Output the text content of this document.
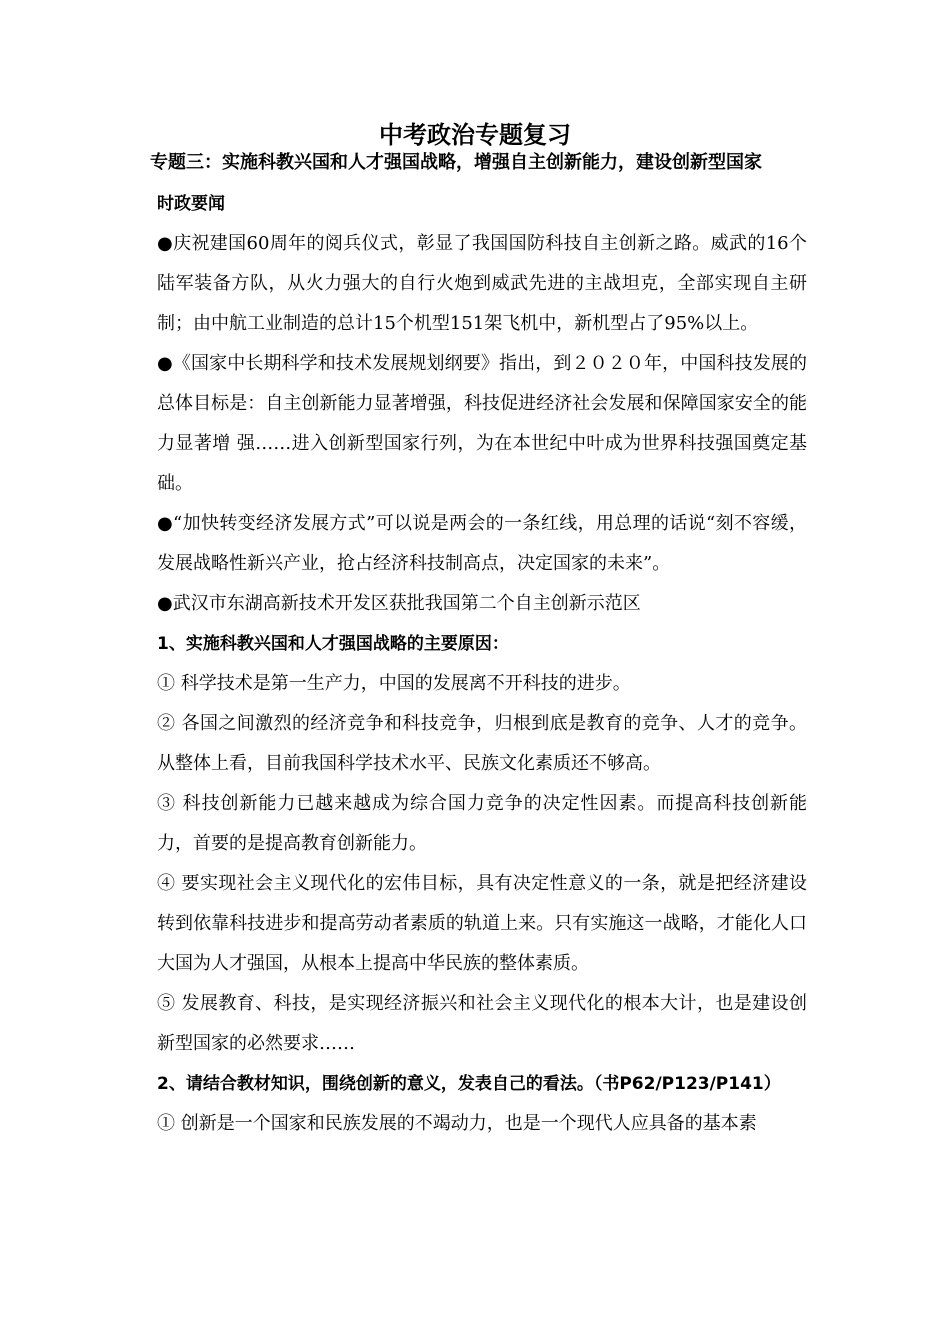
中考政治专题复习
专题三：实施科教兴国和人才强国战略，增强自主创新能力，建设创新型国家

时政要闻

●庆祝建国60周年的阅兵仪式，彰显了我国国防科技自主创新之路。威武的16个陆军装备方队，从火力强大的自行火炮到威武先进的主战坦克，全部实现自主研制；由中航工业制造的总计15个机型151架飞机中，新机型占了95%以上。

●《国家中长期科学和技术发展规划纲要》指出，到２０２０年，中国科技发展的总体目标是：自主创新能力显著增强，科技促进经济社会发展和保障国家安全的能力显著增 强……进入创新型国家行列，为在本世纪中叶成为世界科技强国奠定基础。

●“加快转变经济发展方式”可以说是两会的一条红线，用总理的话说“刻不容缓，发展战略性新兴产业，抢占经济科技制高点，决定国家的未来”。

●武汉市东湖高新技术开发区获批我国第二个自主创新示范区

1、实施科教兴国和人才强国战略的主要原因：

① 科学技术是第一生产力，中国的发展离不开科技的进步。

② 各国之间激烈的经济竞争和科技竞争，归根到底是教育的竞争、人才的竞争。从整体上看，目前我国科学技术水平、民族文化素质还不够高。

③ 科技创新能力已越来越成为综合国力竞争的决定性因素。而提高科技创新能力，首要的是提高教育创新能力。

④ 要实现社会主义现代化的宏伟目标，具有决定性意义的一条，就是把经济建设转到依靠科技进步和提高劳动者素质的轨道上来。只有实施这一战略，才能化人口大国为人才强国，从根本上提高中华民族的整体素质。

⑤ 发展教育、科技，是实现经济振兴和社会主义现代化的根本大计，也是建设创新型国家的必然要求……

2、请结合教材知识，围绕创新的意义，发表自己的看法。（书P62/P123/P141）

① 创新是一个国家和民族发展的不竭动力，也是一个现代人应具备的基本素
